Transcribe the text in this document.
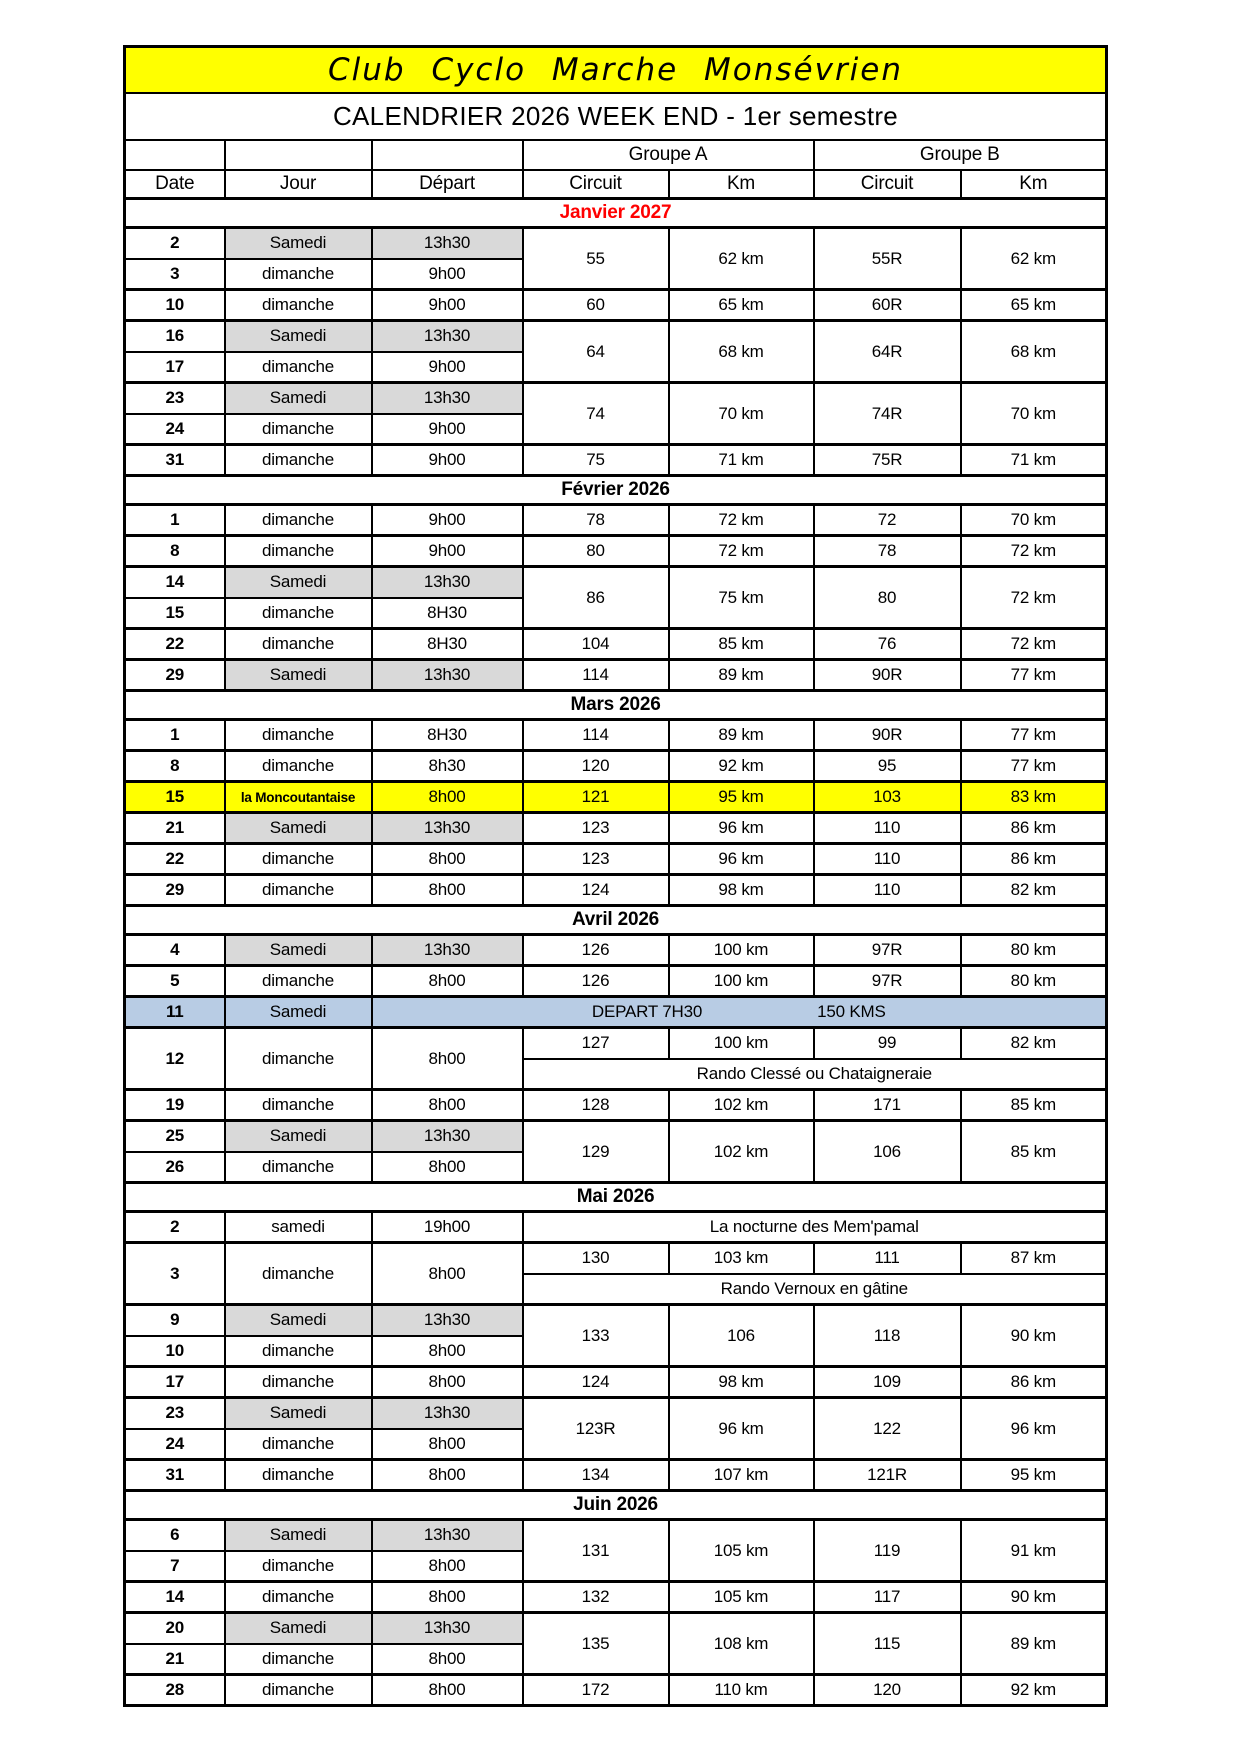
Club Cyclo Marche Monsévrien						
CALENDRIER 2026 WEEK END - 1er semestre						
			Groupe A		Groupe B	
Date	Jour	Départ	Circuit	Km	Circuit	Km
Janvier 2027						
2	Samedi	13h30	55	62 km	55R	62 km
3	dimanche	9h00				
10	dimanche	9h00	60	65 km	60R	65 km
16	Samedi	13h30	64	68 km	64R	68 km
17	dimanche	9h00				
23	Samedi	13h30	74	70 km	74R	70 km
24	dimanche	9h00				
31	dimanche	9h00	75	71 km	75R	71 km
Février 2026						
1	dimanche	9h00	78	72 km	72	70 km
8	dimanche	9h00	80	72 km	78	72 km
14	Samedi	13h30	86	75 km	80	72 km
15	dimanche	8H30				
22	dimanche	8H30	104	85 km	76	72 km
29	Samedi	13h30	114	89 km	90R	77 km
Mars 2026						
1	dimanche	8H30	114	89 km	90R	77 km
8	dimanche	8h30	120	92 km	95	77 km
15	la Moncoutantaise	8h00	121	95 km	103	83 km
21	Samedi	13h30	123	96 km	110	86 km
22	dimanche	8h00	123	96 km	110	86 km
29	dimanche	8h00	124	98 km	110	82 km
Avril 2026						
4	Samedi	13h30	126	100 km	97R	80 km
5	dimanche	8h00	126	100 km	97R	80 km
11	Samedi	DEPART 7H30 150 KMS				

12	dimanche	8h00	127	100 km	99	82 km
			Rando Clessé ou Chataigneraie			
19	dimanche	8h00	128	102 km	171	85 km
25	Samedi	13h30	129	102 km	106	85 km
26	dimanche	8h00				
Mai 2026						
2	samedi	19h00	La nocturne des Mem'pamal			
3	dimanche	8h00	130	103 km	111	87 km
			Rando Vernoux en gâtine			
9	Samedi	13h30	133	106	118	90 km
10	dimanche	8h00				
17	dimanche	8h00	124	98 km	109	86 km
23	Samedi	13h30	123R	96 km	122	96 km
24	dimanche	8h00				
31	dimanche	8h00	134	107 km	121R	95 km
Juin 2026						
6	Samedi	13h30	131	105 km	119	91 km
7	dimanche	8h00				
14	dimanche	8h00	132	105 km	117	90 km
20	Samedi	13h30	135	108 km	115	89 km
21	dimanche	8h00				
28	dimanche	8h00	172	110 km	120	92 km
